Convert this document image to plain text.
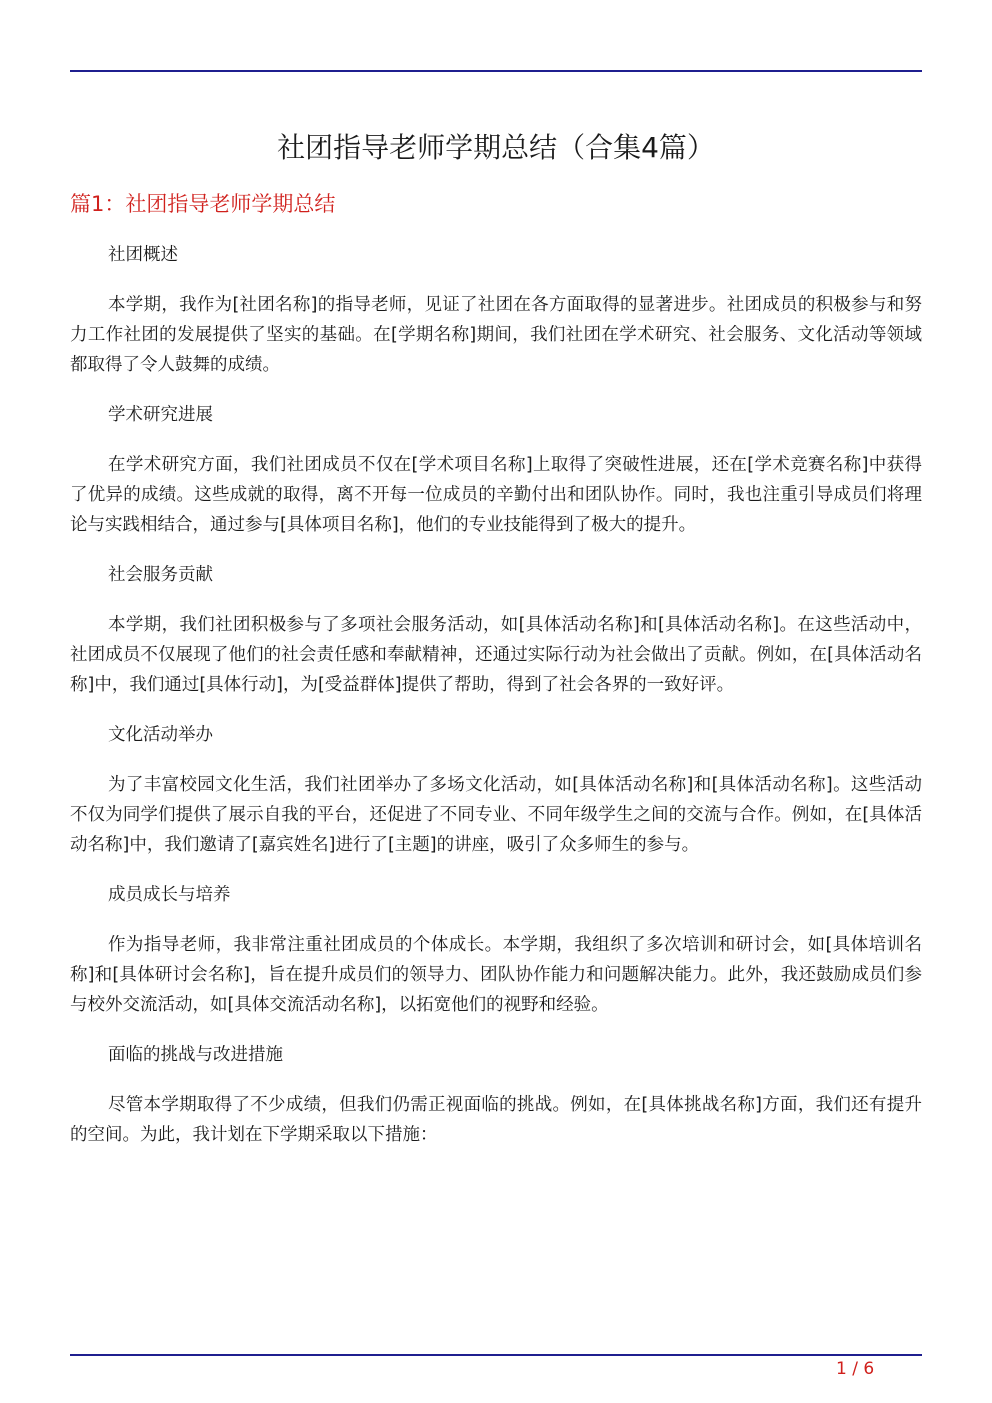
社团指导老师学期总结（合集4篇）
篇1：社团指导老师学期总结

社团概述

本学期，我作为[社团名称]的指导老师，见证了社团在各方面取得的显著进步。社团成员的积极参与和努力工作社团的发展提供了坚实的基础。在[学期名称]期间，我们社团在学术研究、社会服务、文化活动等领域都取得了令人鼓舞的成绩。

学术研究进展

在学术研究方面，我们社团成员不仅在[学术项目名称]上取得了突破性进展，还在[学术竞赛名称]中获得了优异的成绩。这些成就的取得，离不开每一位成员的辛勤付出和团队协作。同时，我也注重引导成员们将理论与实践相结合，通过参与[具体项目名称]，他们的专业技能得到了极大的提升。

社会服务贡献

本学期，我们社团积极参与了多项社会服务活动，如[具体活动名称]和[具体活动名称]。在这些活动中，社团成员不仅展现了他们的社会责任感和奉献精神，还通过实际行动为社会做出了贡献。例如，在[具体活动名称]中，我们通过[具体行动]，为[受益群体]提供了帮助，得到了社会各界的一致好评。

文化活动举办

为了丰富校园文化生活，我们社团举办了多场文化活动，如[具体活动名称]和[具体活动名称]。这些活动不仅为同学们提供了展示自我的平台，还促进了不同专业、不同年级学生之间的交流与合作。例如，在[具体活动名称]中，我们邀请了[嘉宾姓名]进行了[主题]的讲座，吸引了众多师生的参与。

成员成长与培养

作为指导老师，我非常注重社团成员的个体成长。本学期，我组织了多次培训和研讨会，如[具体培训名称]和[具体研讨会名称]，旨在提升成员们的领导力、团队协作能力和问题解决能力。此外，我还鼓励成员们参与校外交流活动，如[具体交流活动名称]，以拓宽他们的视野和经验。

面临的挑战与改进措施

尽管本学期取得了不少成绩，但我们仍需正视面临的挑战。例如，在[具体挑战名称]方面，我们还有提升的空间。为此，我计划在下学期采取以下措施：

1 / 6
